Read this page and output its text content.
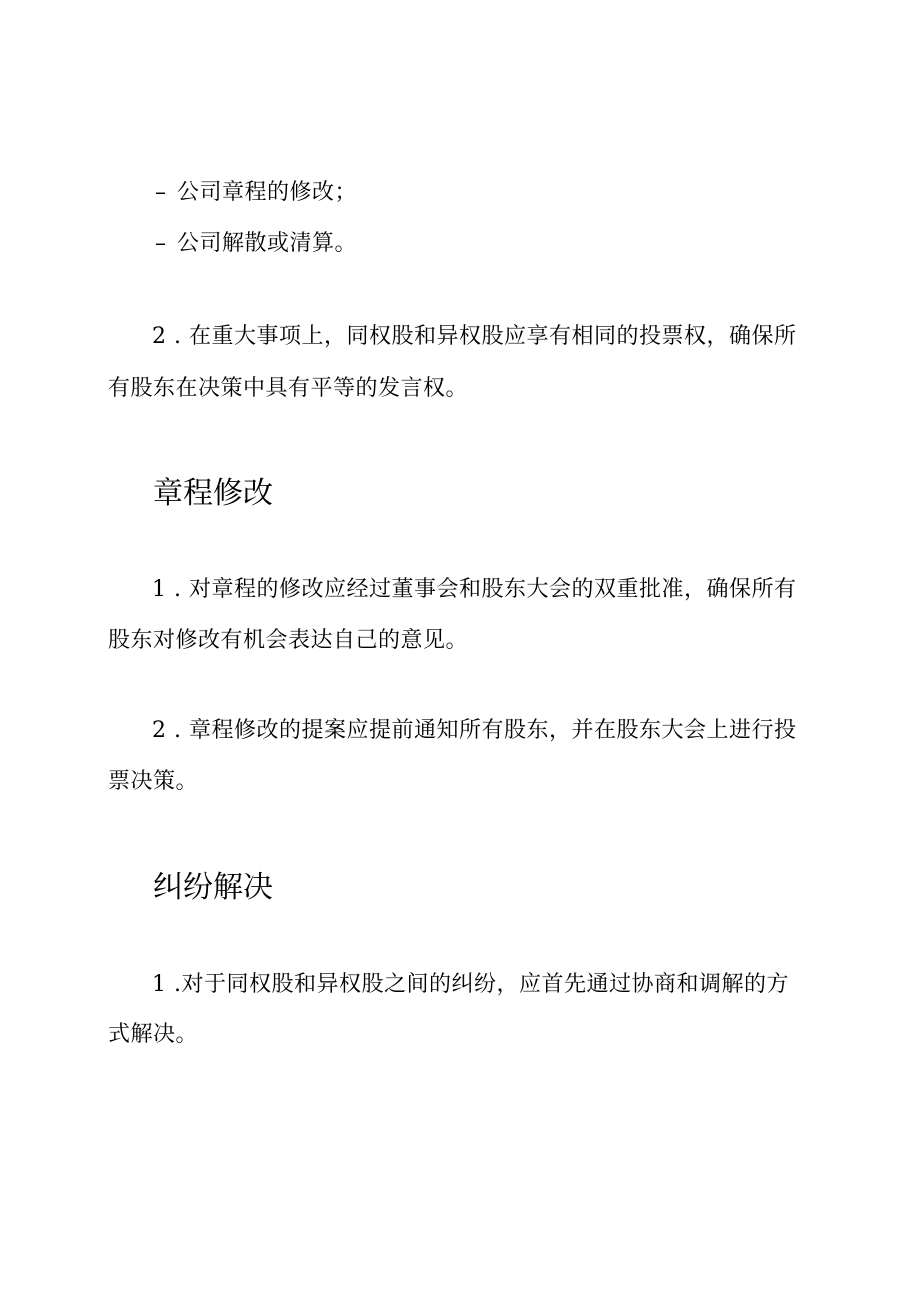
– 公司章程的修改；
– 公司解散或清算。
2 . 在重大事项上，同权股和异权股应享有相同的投票权，确保所
有股东在决策中具有平等的发言权。
章程修改
1 . 对章程的修改应经过董事会和股东大会的双重批准，确保所有
股东对修改有机会表达自己的意见。
2 . 章程修改的提案应提前通知所有股东，并在股东大会上进行投
票决策。
纠纷解决
1 .对于同权股和异权股之间的纠纷，应首先通过协商和调解的方
式解决。
